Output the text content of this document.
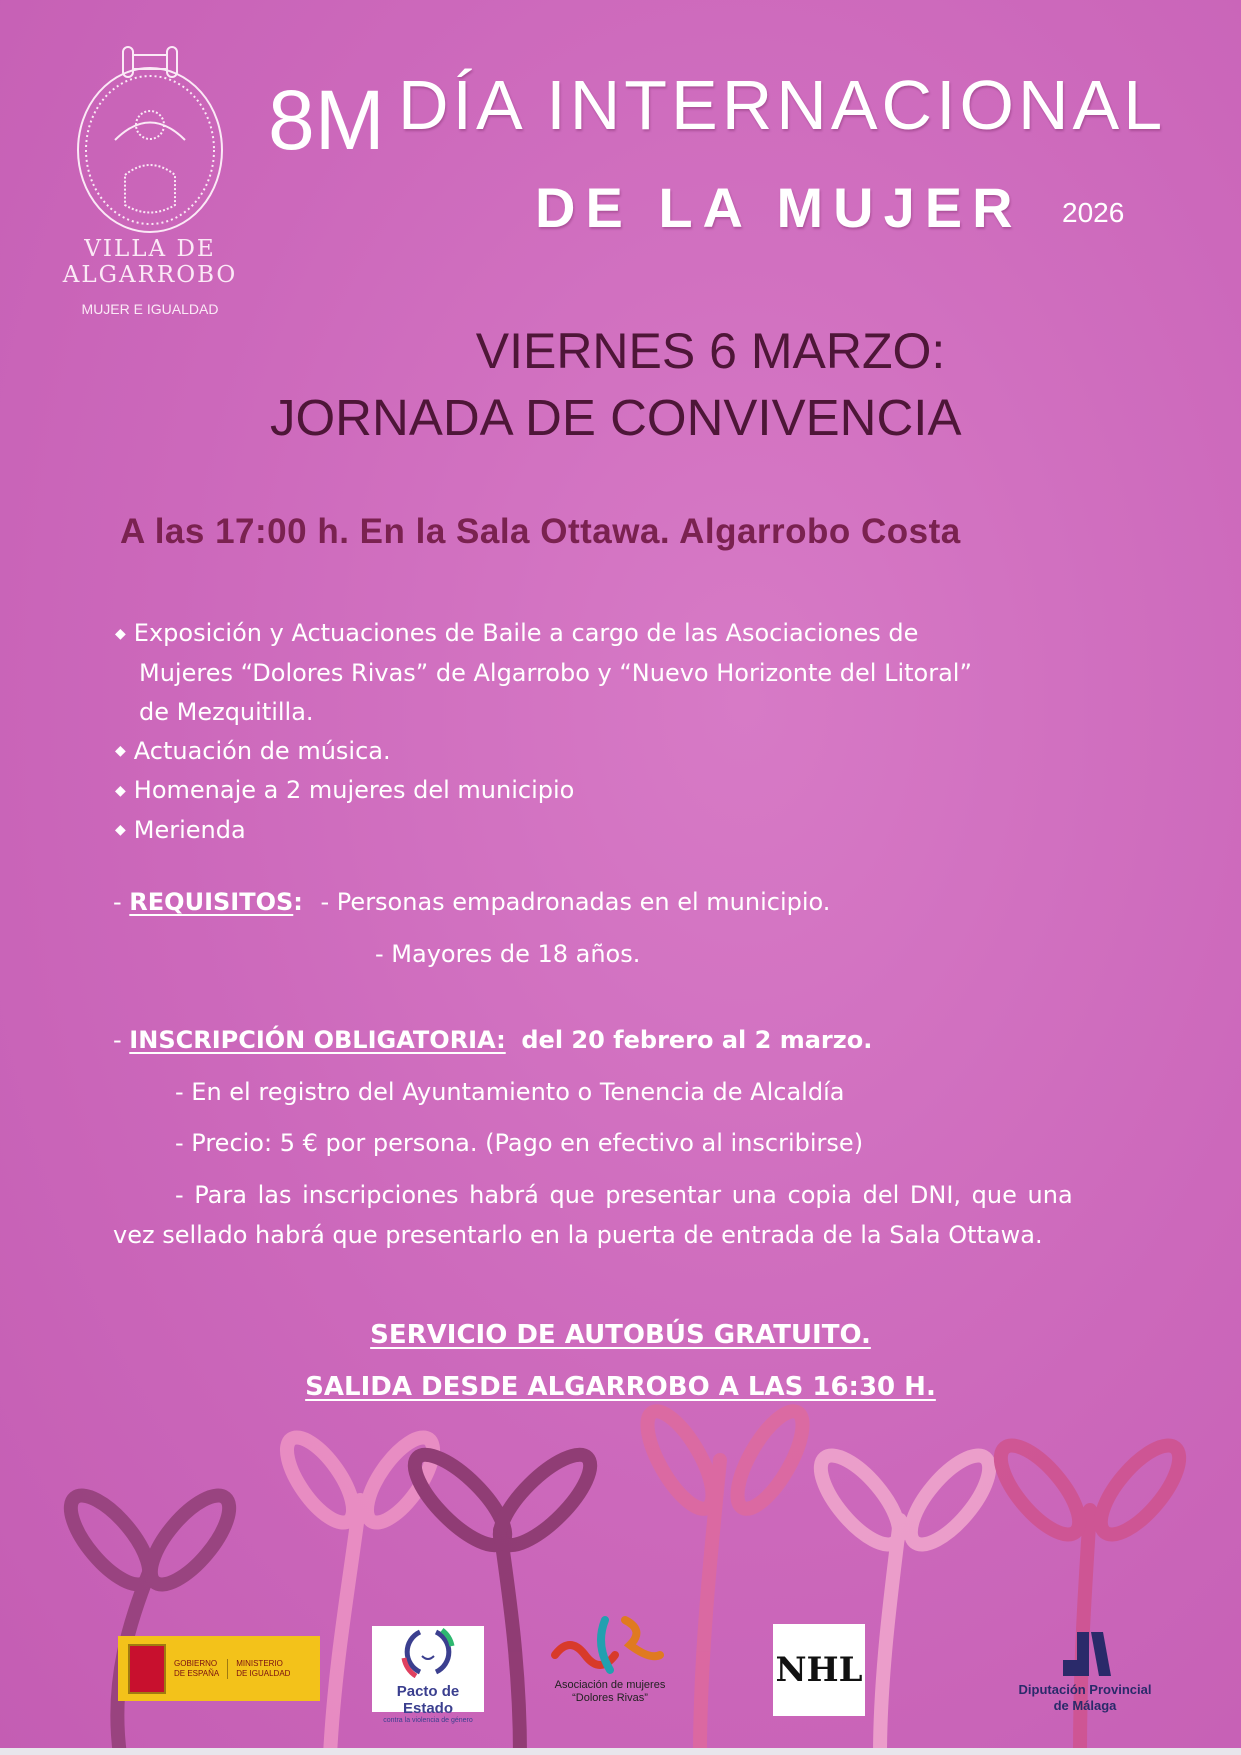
VILLA DE
ALGARROBO
MUJER E IGUALDAD
8M DÍA INTERNACIONAL
DE LA MUJER 2026
VIERNES 6 MARZO:
JORNADA DE CONVIVENCIA
A las 17:00 h. En la Sala Ottawa. Algarrobo Costa
◆ Exposición y Actuaciones de Baile a cargo de las Asociaciones de
Mujeres “Dolores Rivas” de Algarrobo y “Nuevo Horizonte del Litoral”
de Mezquitilla.
◆ Actuación de música.
◆ Homenaje a 2 mujeres del municipio
◆ Merienda
- REQUISITOS: - Personas empadronadas en el municipio.
- Mayores de 18 años.
- INSCRIPCIÓN OBLIGATORIA: del 20 febrero al 2 marzo.
- En el registro del Ayuntamiento o Tenencia de Alcaldía
- Precio: 5 € por persona. (Pago en efectivo al inscribirse)
- Para las inscripciones habrá que presentar una copia del DNI, que una
vez sellado habrá que presentarlo en la puerta de entrada de la Sala Ottawa.
SERVICIO DE AUTOBÚS GRATUITO.
SALIDA DESDE ALGARROBO A LAS 16:30 H.
GOBIERNO
DE ESPAÑA
MINISTERIO
DE IGUALDAD
Pacto de Estado
contra la violencia de género
Asociación de mujeres
“Dolores Rivas”
NHL	Diputación Provincial
de Málaga
